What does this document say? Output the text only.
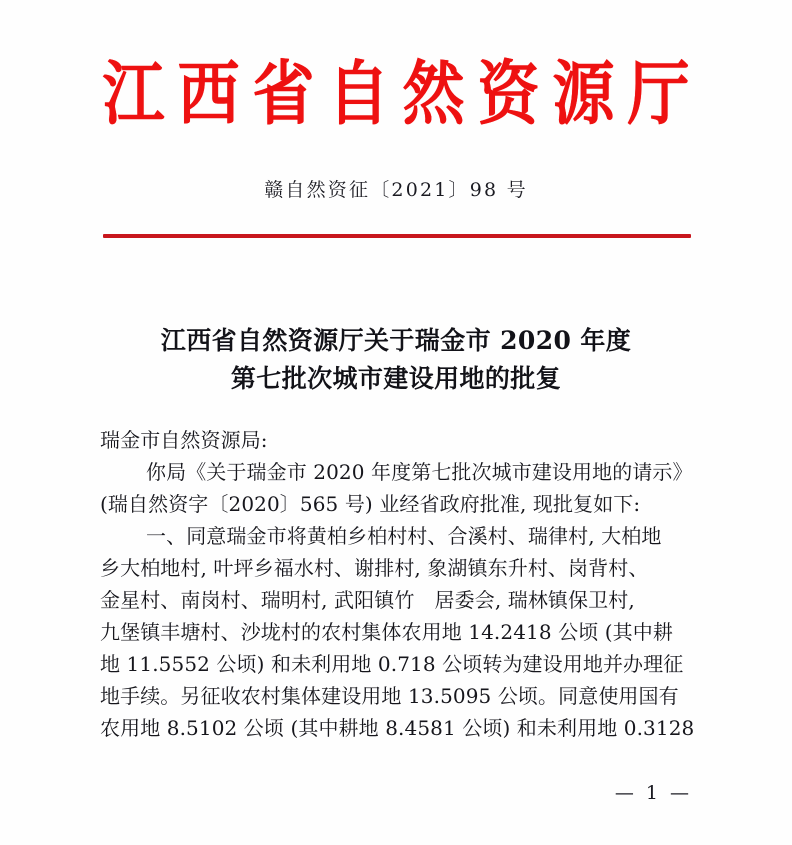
江西省自然资源厅
赣自然资征〔2021〕98 号
江西省自然资源厅关于瑞金市 2020 年度
第七批次城市建设用地的批复
瑞金市自然资源局:
你局《关于瑞金市 2020 年度第七批次城市建设用地的请示》
(瑞自然资字〔2020〕565 号) 业经省政府批准, 现批复如下:
一、同意瑞金市将黄柏乡柏村村、合溪村、瑞律村, 大柏地
乡大柏地村, 叶坪乡福水村、谢排村, 象湖镇东升村、岗背村、
金星村、南岗村、瑞明村, 武阳镇竹　居委会, 瑞林镇保卫村,
九堡镇丰塘村、沙垅村的农村集体农用地 14.2418 公顷 (其中耕
地 11.5552 公顷) 和未利用地 0.718 公顷转为建设用地并办理征
地手续。另征收农村集体建设用地 13.5095 公顷。同意使用国有
农用地 8.5102 公顷 (其中耕地 8.4581 公顷) 和未利用地 0.3128
— 1 —
